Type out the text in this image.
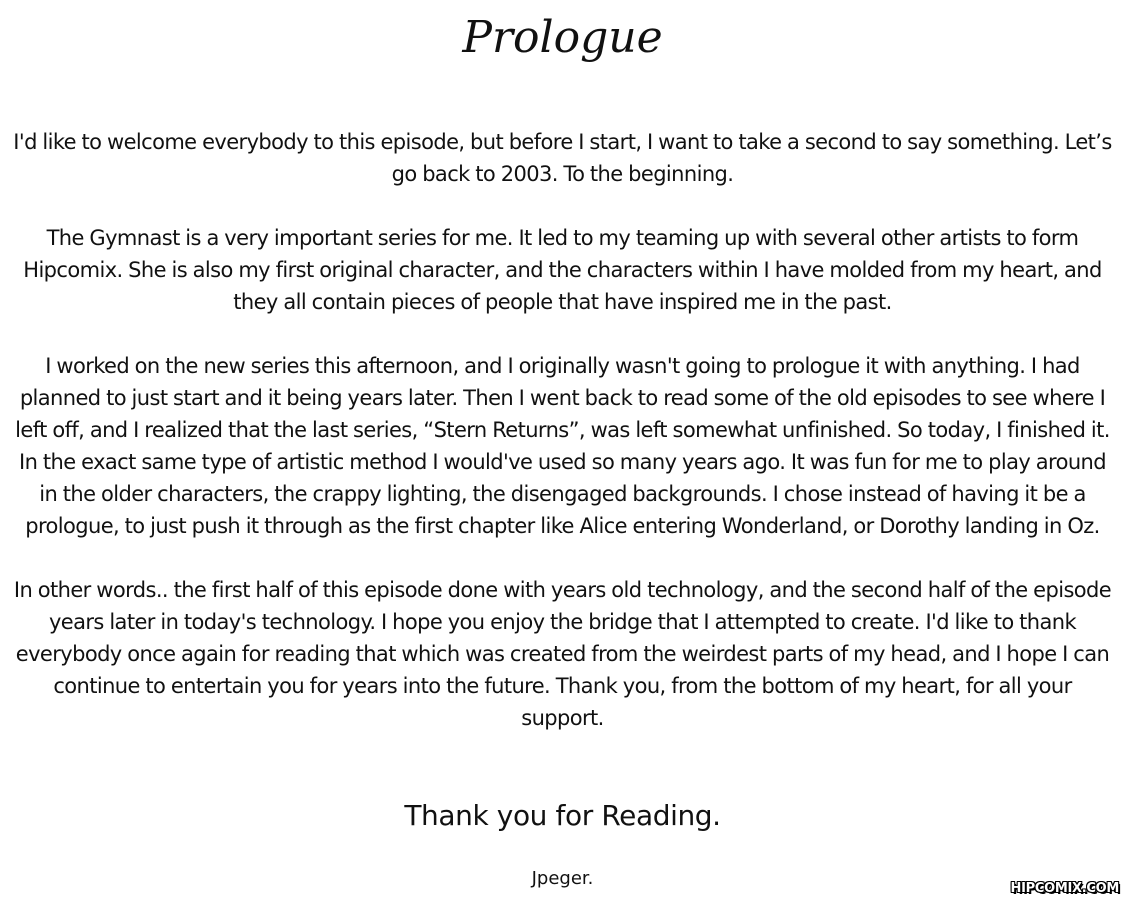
Prologue

I'd like to welcome everybody to this episode, but before I start, I want to take a second to say something. Let’s go back to 2003. To the beginning.

The Gymnast is a very important series for me. It led to my teaming up with several other artists to form Hipcomix. She is also my first original character, and the characters within I have molded from my heart, and they all contain pieces of people that have inspired me in the past.

I worked on the new series this afternoon, and I originally wasn't going to prologue it with anything. I had planned to just start and it being years later. Then I went back to read some of the old episodes to see where I left off, and I realized that the last series, “Stern Returns”, was left somewhat unfinished. So today, I finished it. In the exact same type of artistic method I would've used so many years ago. It was fun for me to play around in the older characters, the crappy lighting, the disengaged backgrounds. I chose instead of having it be a prologue, to just push it through as the first chapter like Alice entering Wonderland, or Dorothy landing in Oz.

In other words.. the first half of this episode done with years old technology, and the second half of the episode years later in today's technology. I hope you enjoy the bridge that I attempted to create. I'd like to thank everybody once again for reading that which was created from the weirdest parts of my head, and I hope I can continue to entertain you for years into the future. Thank you, from the bottom of my heart, for all your support.

Thank you for Reading.
Jpeger.	HIPCOMIX.COM
